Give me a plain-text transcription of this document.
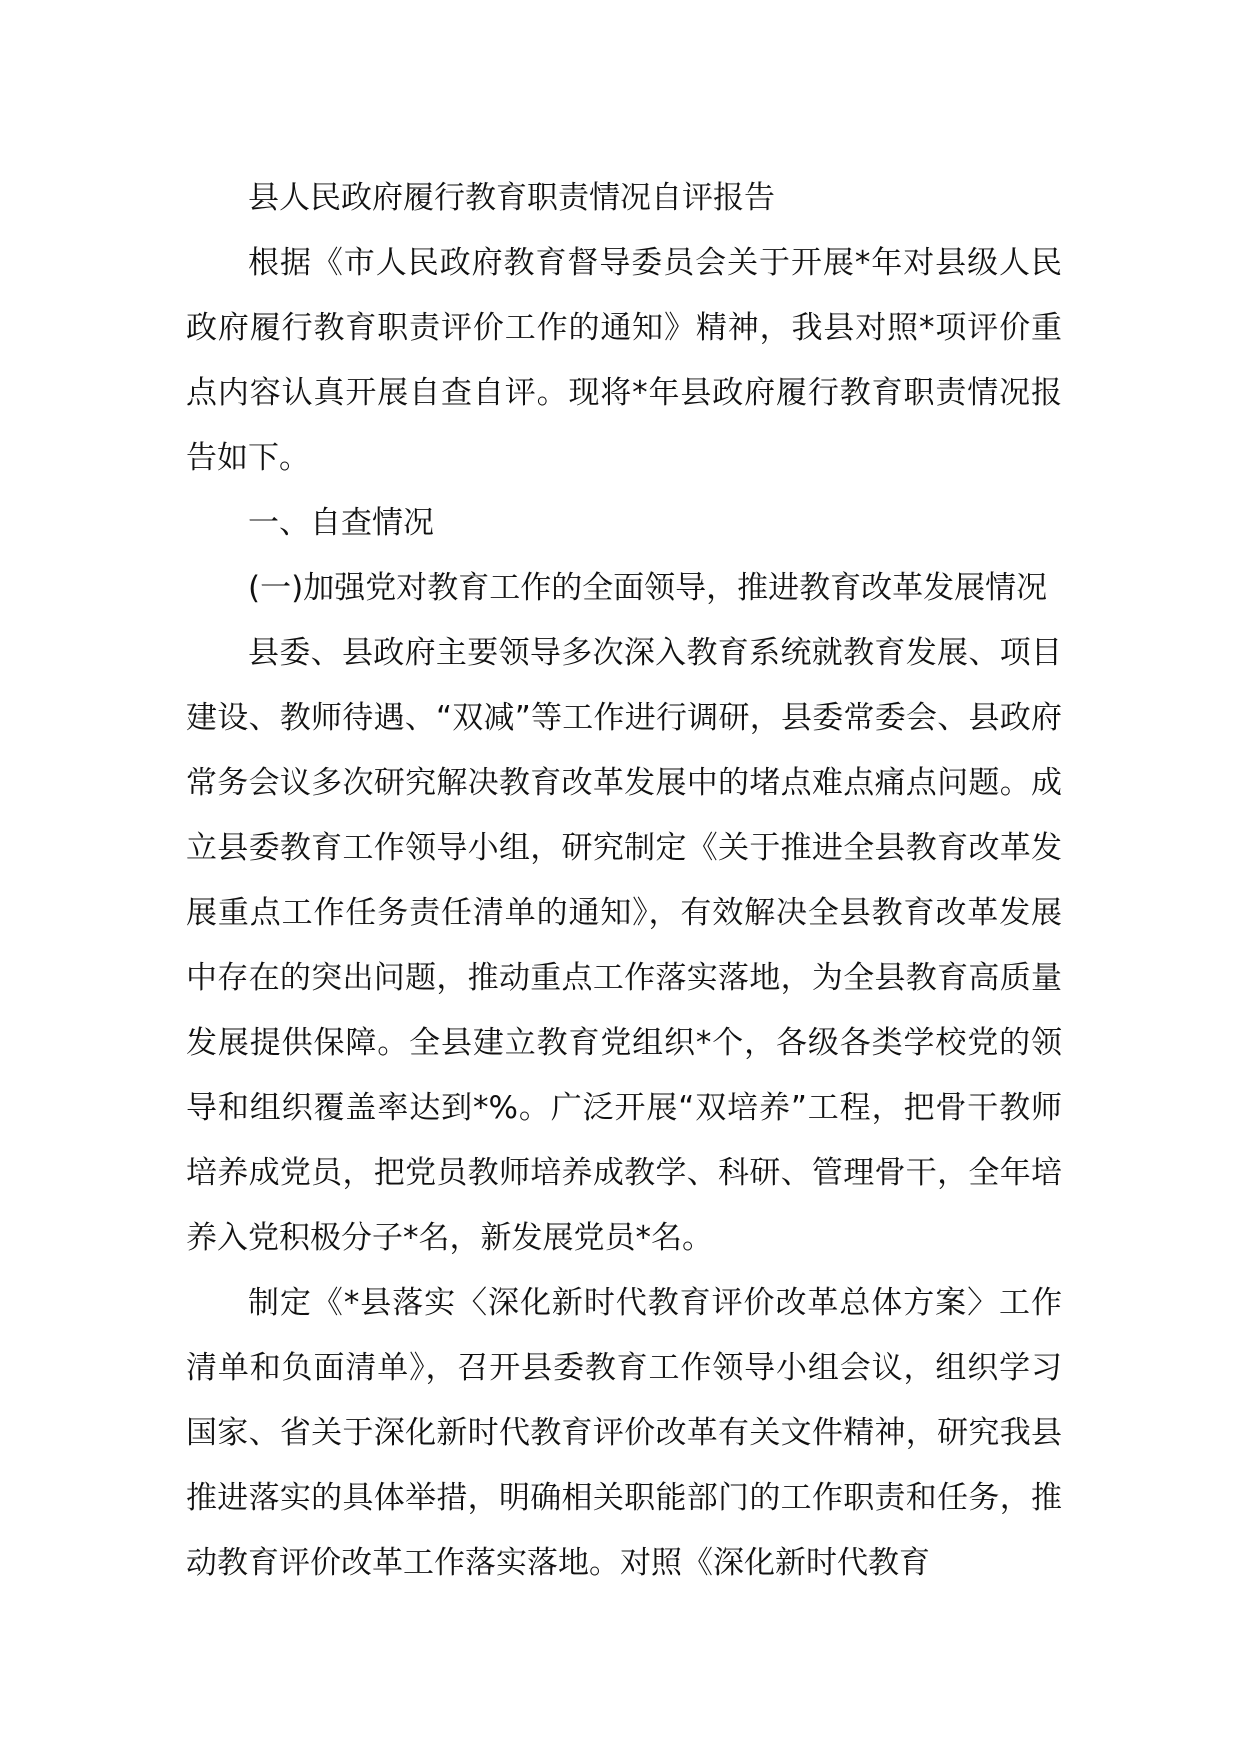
县人民政府履行教育职责情况自评报告

根据《市人民政府教育督导委员会关于开展*年对县级人民政府履行教育职责评价工作的通知》精神，我县对照*项评价重点内容认真开展自查自评。现将*年县政府履行教育职责情况报告如下。

一、自查情况

(一)加强党对教育工作的全面领导，推进教育改革发展情况

县委、县政府主要领导多次深入教育系统就教育发展、项目建设、教师待遇、“双减”等工作进行调研，县委常委会、县政府常务会议多次研究解决教育改革发展中的堵点难点痛点问题。成立县委教育工作领导小组，研究制定《关于推进全县教育改革发展重点工作任务责任清单的通知》，有效解决全县教育改革发展中存在的突出问题，推动重点工作落实落地，为全县教育高质量发展提供保障。全县建立教育党组织*个，各级各类学校党的领导和组织覆盖率达到*%。广泛开展“双培养”工程，把骨干教师培养成党员，把党员教师培养成教学、科研、管理骨干，全年培养入党积极分子*名，新发展党员*名。

制定《*县落实〈深化新时代教育评价改革总体方案〉工作清单和负面清单》，召开县委教育工作领导小组会议，组织学习国家、省关于深化新时代教育评价改革有关文件精神，研究我县推进落实的具体举措，明确相关职能部门的工作职责和任务，推动教育评价改革工作落实落地。对照《深化新时代教育
